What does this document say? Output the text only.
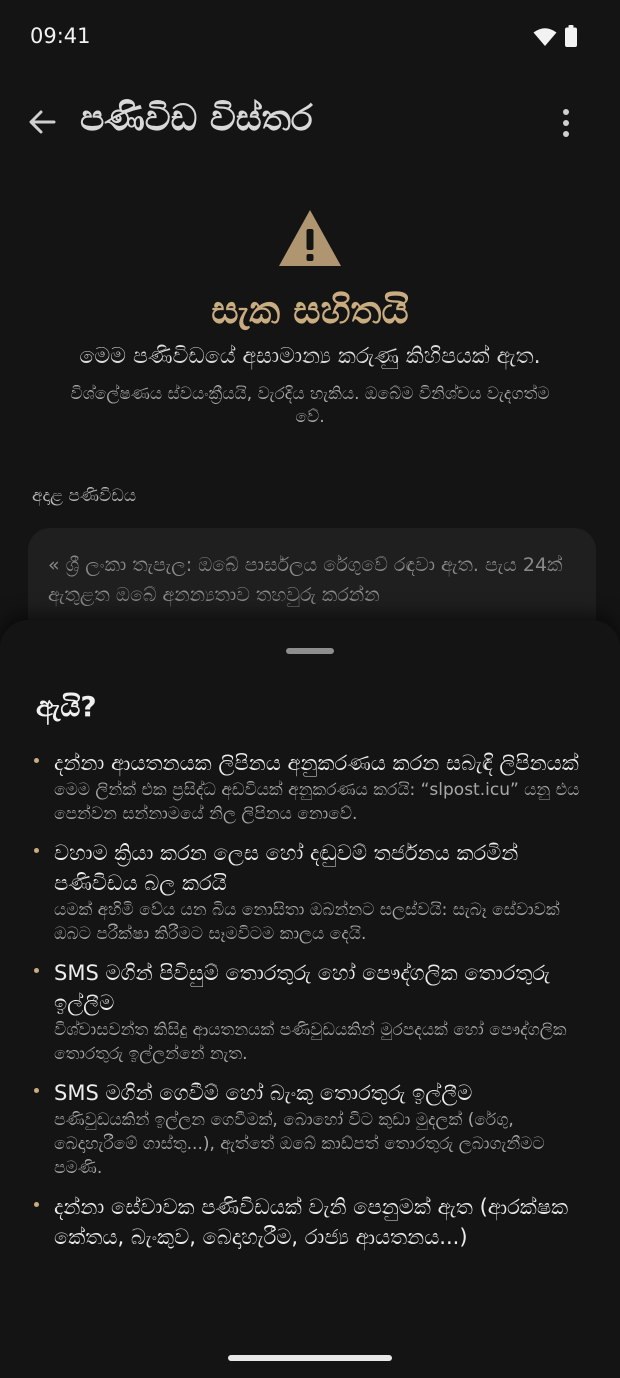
09:41
පණිවිඩ විස්තර
සැක සහිතයි
මෙම පණිවිඩයේ අසාමාන්‍ය කරුණු කිහිපයක් ඇත.
විශ්ලේෂණය ස්වයංක්‍රීයයි, වැරදිය හැකිය. ඔබේම විනිශ්චය වැදගත්ම වේ.
අදාළ පණිවිඩය
« ශ්‍රී ලංකා තැපැල: ඔබේ පාර්සලය රේගුවේ රඳවා ඇත. පැය 24ක් ඇතුළත ඔබේ අනන්‍යතාව තහවුරු කරන්න
ඇයි?
දන්නා ආයතනයක ලිපිනය අනුකරණය කරන සබැඳි ලිපිනයක්
මෙම ලින්ක් එක ප්‍රසිද්ධ අඩවියක් අනුකරණය කරයි: “slpost.icu” යනු එය පෙන්වන සන්නාමයේ නිල ලිපිනය නොවේ.
වහාම ක්‍රියා කරන ලෙස හෝ දඬුවම් තර්ජනය කරමින් පණිවිඩය බල කරයි
යමක් අහිමි වේය යන බිය නොසිතා ඔබන්නට සලස්වයි: සැබෑ සේවාවක් ඔබට පරීක්ෂා කිරීමට සෑමවිටම කාලය දෙයි.
SMS මගින් පිවිසුම් තොරතුරු හෝ පෞද්ගලික තොරතුරු ඉල්ලීම
විශ්වාසවන්ත කිසිදු ආයතනයක් පණිවුඩයකින් මුරපදයක් හෝ පෞද්ගලික තොරතුරු ඉල්ලන්නේ නැත.
SMS මගින් ගෙවීම් හෝ බැංකු තොරතුරු ඉල්ලීම
පණිවුඩයකින් ඉල්ලන ගෙවීමක්, බොහෝ විට කුඩා මුදලක් (රේගු, බෙදාහැරීමේ ගාස්තු...), ඇත්තේ ඔබේ කාඩ්පත් තොරතුරු ලබාගැනීමට පමණි.
දන්නා සේවාවක පණිවිඩයක් වැනි පෙනුමක් ඇත (ආරක්ෂක කේතය, බැංකුව, බෙදාහැරීම, රාජ්‍ය ආයතනය...)
